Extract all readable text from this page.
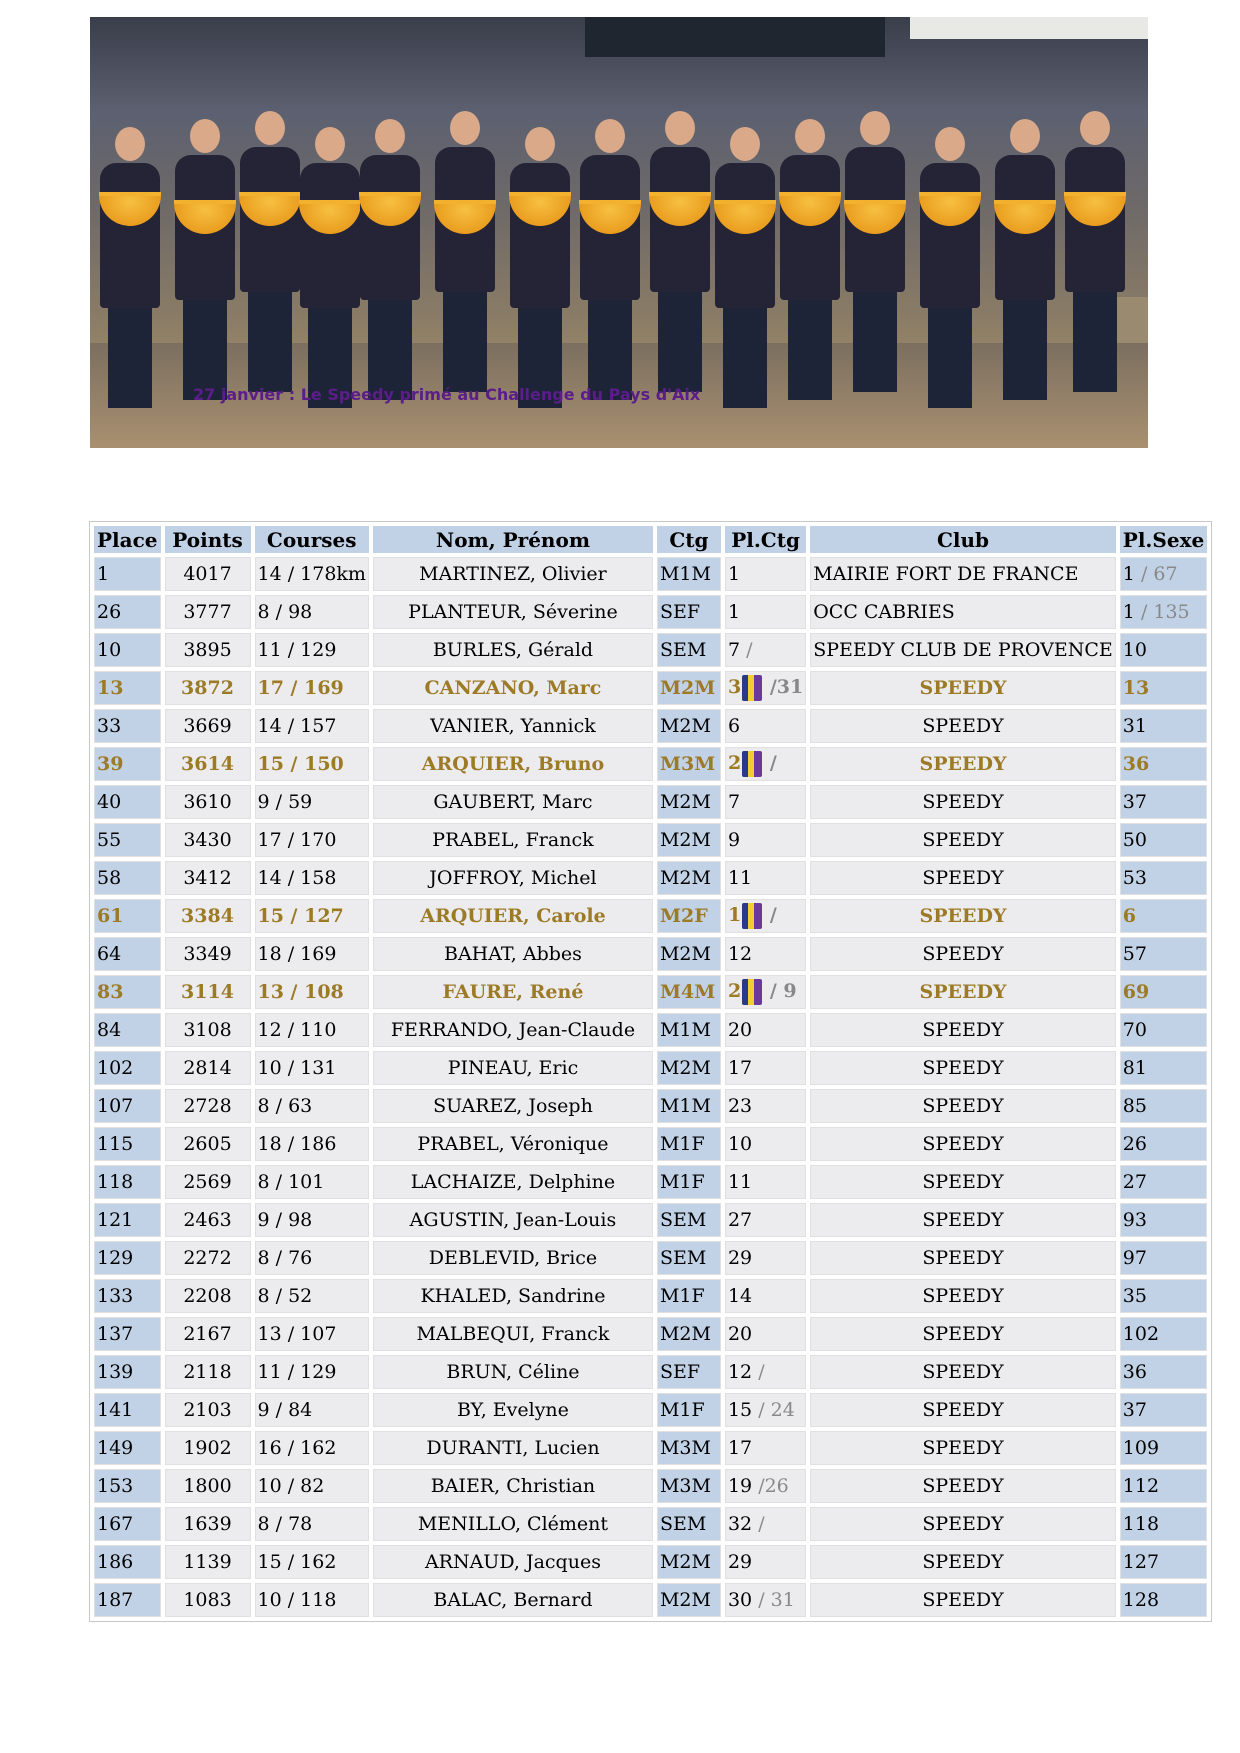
27 janvier : Le Speedy primé au Challenge du Pays d'Aix
Place	Points	Courses	Nom, Prénom	Ctg	Pl.Ctg	Club	Pl.Sexe
1	4017	14 / 178km	MARTINEZ, Olivier	M1M	1	MAIRIE FORT DE FRANCE	1 / 67
26	3777	8 / 98	PLANTEUR, Séverine	SEF	1	OCC CABRIES	1 / 135
10	3895	11 / 129	BURLES, Gérald	SEM	7 /	SPEEDY CLUB DE PROVENCE	10
13	3872	17 / 169	CANZANO, Marc	M2M	3 /31	SPEEDY	13
33	3669	14 / 157	VANIER, Yannick	M2M	6	SPEEDY	31
39	3614	15 / 150	ARQUIER, Bruno	M3M	2 /	SPEEDY	36
40	3610	9 / 59	GAUBERT, Marc	M2M	7	SPEEDY	37
55	3430	17 / 170	PRABEL, Franck	M2M	9	SPEEDY	50
58	3412	14 / 158	JOFFROY, Michel	M2M	11	SPEEDY	53
61	3384	15 / 127	ARQUIER, Carole	M2F	1 /	SPEEDY	6
64	3349	18 / 169	BAHAT, Abbes	M2M	12	SPEEDY	57
83	3114	13 / 108	FAURE, René	M4M	2 / 9	SPEEDY	69
84	3108	12 / 110	FERRANDO, Jean-Claude	M1M	20	SPEEDY	70
102	2814	10 / 131	PINEAU, Eric	M2M	17	SPEEDY	81
107	2728	8 / 63	SUAREZ, Joseph	M1M	23	SPEEDY	85
115	2605	18 / 186	PRABEL, Véronique	M1F	10	SPEEDY	26
118	2569	8 / 101	LACHAIZE, Delphine	M1F	11	SPEEDY	27
121	2463	9 / 98	AGUSTIN, Jean-Louis	SEM	27	SPEEDY	93
129	2272	8 / 76	DEBLEVID, Brice	SEM	29	SPEEDY	97
133	2208	8 / 52	KHALED, Sandrine	M1F	14	SPEEDY	35
137	2167	13 / 107	MALBEQUI, Franck	M2M	20	SPEEDY	102
139	2118	11 / 129	BRUN, Céline	SEF	12 /	SPEEDY	36
141	2103	9 / 84	BY, Evelyne	M1F	15 / 24	SPEEDY	37
149	1902	16 / 162	DURANTI, Lucien	M3M	17	SPEEDY	109
153	1800	10 / 82	BAIER, Christian	M3M	19 /26	SPEEDY	112
167	1639	8 / 78	MENILLO, Clément	SEM	32 /	SPEEDY	118
186	1139	15 / 162	ARNAUD, Jacques	M2M	29	SPEEDY	127
187	1083	10 / 118	BALAC, Bernard	M2M	30 / 31	SPEEDY	128
